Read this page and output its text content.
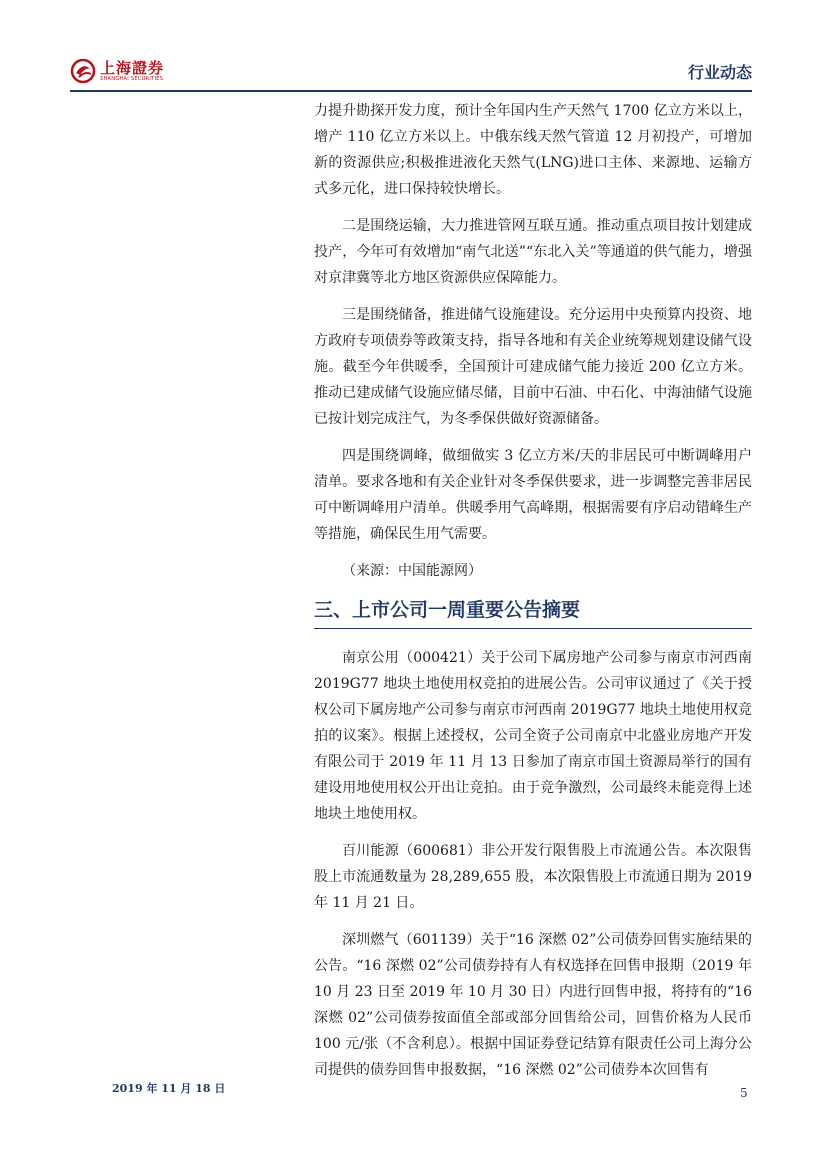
上海證券
SHANGHAI SECURITIES	行业动态

力提升勘探开发力度，预计全年国内生产天然气 1700 亿立方米以上，增产 110 亿立方米以上。中俄东线天然气管道 12 月初投产，可增加新的资源供应;积极推进液化天然气(LNG)进口主体、来源地、运输方式多元化，进口保持较快增长。

二是围绕运输，大力推进管网互联互通。推动重点项目按计划建成投产，今年可有效增加“南气北送”“东北入关”等通道的供气能力，增强对京津冀等北方地区资源供应保障能力。

三是围绕储备，推进储气设施建设。充分运用中央预算内投资、地方政府专项债券等政策支持，指导各地和有关企业统筹规划建设储气设施。截至今年供暖季，全国预计可建成储气能力接近 200 亿立方米。推动已建成储气设施应储尽储，目前中石油、中石化、中海油储气设施已按计划完成注气，为冬季保供做好资源储备。

四是围绕调峰，做细做实 3 亿立方米/天的非居民可中断调峰用户清单。要求各地和有关企业针对冬季保供要求，进一步调整完善非居民可中断调峰用户清单。供暖季用气高峰期，根据需要有序启动错峰生产等措施，确保民生用气需要。

（来源：中国能源网）

三、上市公司一周重要公告摘要

南京公用（000421）关于公司下属房地产公司参与南京市河西南 2019G77 地块土地使用权竞拍的进展公告。公司审议通过了《关于授权公司下属房地产公司参与南京市河西南 2019G77 地块土地使用权竞拍的议案》。根据上述授权，公司全资子公司南京中北盛业房地产开发有限公司于 2019 年 11 月 13 日参加了南京市国土资源局举行的国有建设用地使用权公开出让竞拍。由于竞争激烈，公司最终未能竞得上述地块土地使用权。

百川能源（600681）非公开发行限售股上市流通公告。本次限售股上市流通数量为 28,289,655 股，本次限售股上市流通日期为 2019 年 11 月 21 日。

深圳燃气（601139）关于“16 深燃 02”公司债券回售实施结果的公告。“16 深燃 02”公司债券持有人有权选择在回售申报期（2019 年 10 月 23 日至 2019 年 10 月 30 日）内进行回售申报，将持有的“16 深燃 02”公司债券按面值全部或部分回售给公司，回售价格为人民币 100 元/张（不含利息）。根据中国证券登记结算有限责任公司上海分公司提供的债券回售申报数据，“16 深燃 02”公司债券本次回售有

2019 年 11 月 18 日	5
